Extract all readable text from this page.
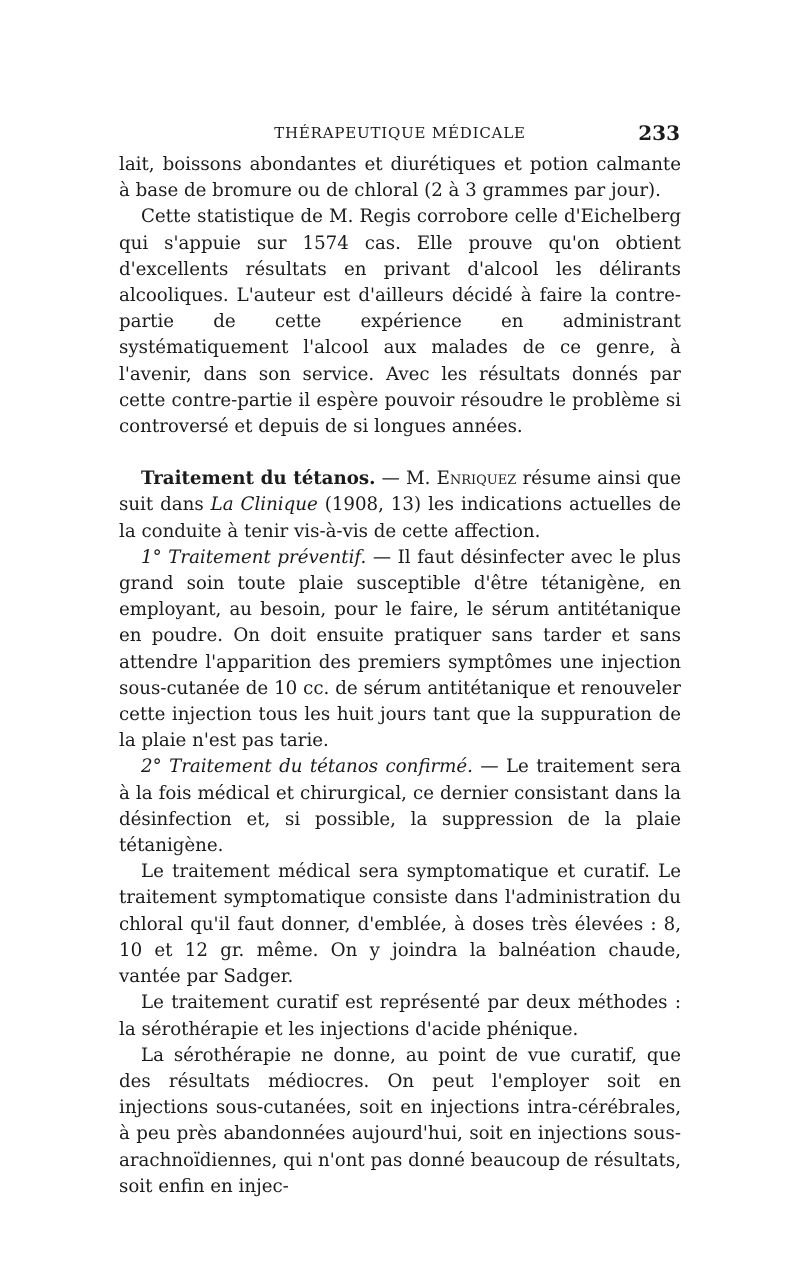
THÉRAPEUTIQUE MÉDICALE	233

lait, boissons abondantes et diurétiques et potion calmante à base de bromure ou de chloral (2 à 3 grammes par jour).

Cette statistique de M. Regis corrobore celle d'Eichelberg qui s'appuie sur 1574 cas. Elle prouve qu'on obtient d'excellents résultats en privant d'alcool les délirants alcooliques. L'auteur est d'ailleurs décidé à faire la contre-partie de cette expérience en administrant systématiquement l'alcool aux malades de ce genre, à l'avenir, dans son service. Avec les résultats donnés par cette contre-partie il espère pouvoir résoudre le problème si controversé et depuis de si longues années.

Traitement du tétanos. — M. Enriquez résume ainsi que suit dans La Clinique (1908, 13) les indications actuelles de la conduite à tenir vis-à-vis de cette affection.

1° Traitement préventif. — Il faut désinfecter avec le plus grand soin toute plaie susceptible d'être tétanigène, en employant, au besoin, pour le faire, le sérum antitétanique en poudre. On doit ensuite pratiquer sans tarder et sans attendre l'apparition des premiers symptômes une injection sous-cutanée de 10 cc. de sérum antitétanique et renouveler cette injection tous les huit jours tant que la suppuration de la plaie n'est pas tarie.

2° Traitement du tétanos confirmé. — Le traitement sera à la fois médical et chirurgical, ce dernier consistant dans la désinfection et, si possible, la suppression de la plaie tétanigène.

Le traitement médical sera symptomatique et curatif. Le traitement symptomatique consiste dans l'administration du chloral qu'il faut donner, d'emblée, à doses très élevées : 8, 10 et 12 gr. même. On y joindra la balnéation chaude, vantée par Sadger.

Le traitement curatif est représenté par deux méthodes : la sérothérapie et les injections d'acide phénique.

La sérothérapie ne donne, au point de vue curatif, que des résultats médiocres. On peut l'employer soit en injections sous-cutanées, soit en injections intra-cérébrales, à peu près abandonnées aujourd'hui, soit en injections sous-arachnoïdiennes, qui n'ont pas donné beaucoup de résultats, soit enfin en injec-
